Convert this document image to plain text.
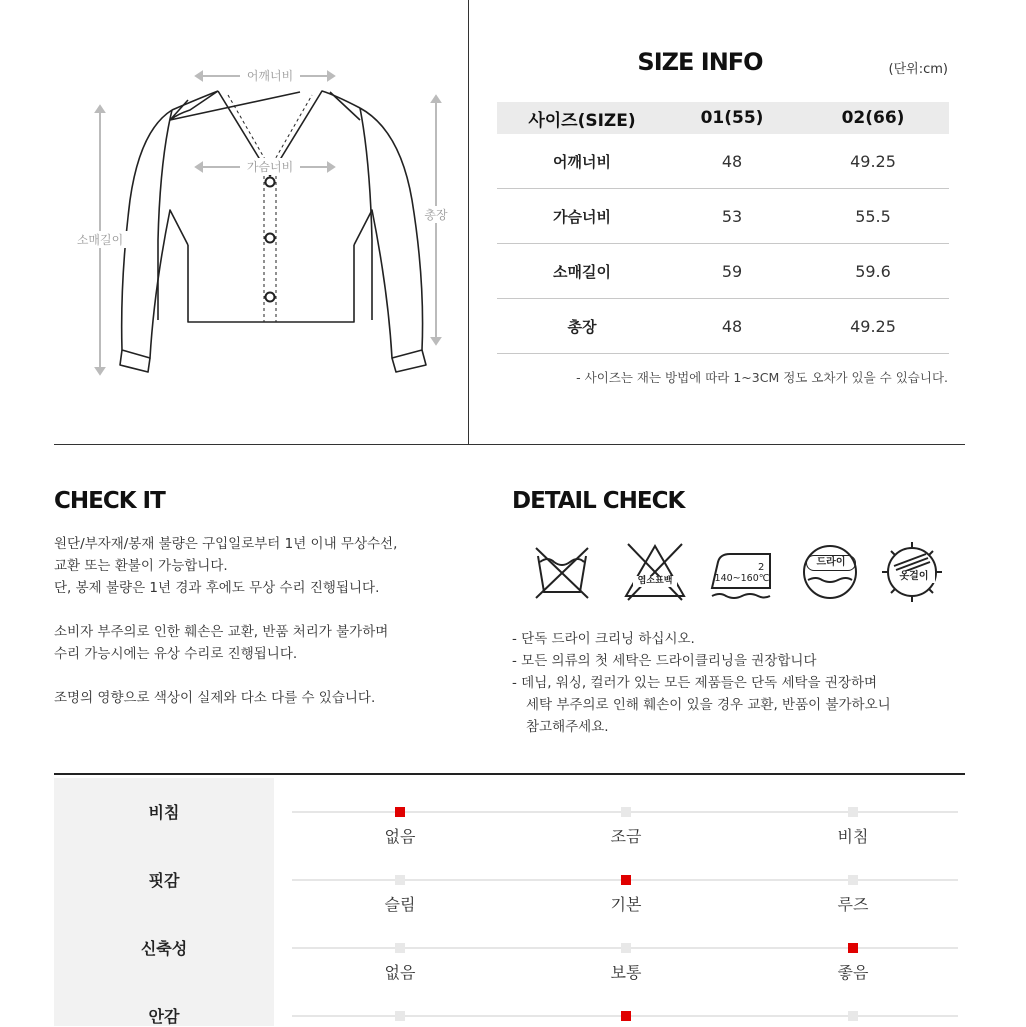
어깨너비
가슴너비
소매길이
총장
SIZE INFO	(단위:cm)
사이즈(SIZE)	01(55)	02(66)
어깨너비	48	49.25
가슴너비	53	55.5
소매길이	59	59.6
총장	48	49.25
- 사이즈는 재는 방법에 따라 1~3CM 정도 오차가 있을 수 있습니다.
CHECK IT
원단/부자재/봉재 불량은 구입일로부터 1년 이내 무상수선,
교환 또는 환불이 가능합니다.
단, 봉제 불량은 1년 경과 후에도 무상 수리 진행됩니다.
소비자 부주의로 인한 훼손은 교환, 반품 처리가 불가하며
수리 가능시에는 유상 수리로 진행됩니다.
조명의 영향으로 색상이 실제와 다소 다를 수 있습니다.
DETAIL CHECK
염소표백
2
140~160℃
드라이
옷걸이
- 단독 드라이 크리닝 하십시오.
- 모든 의류의 첫 세탁은 드라이클리닝을 권장합니다
- 데님, 워싱, 컬러가 있는 모든 제품들은 단독 세탁을 권장하며
세탁 부주의로 인해 훼손이 있을 경우 교환, 반품이 불가하오니
참고해주세요.
비침
없음	조금	비침
핏감
슬림	기본	루즈
신축성
없음	보통	좋음
안감
